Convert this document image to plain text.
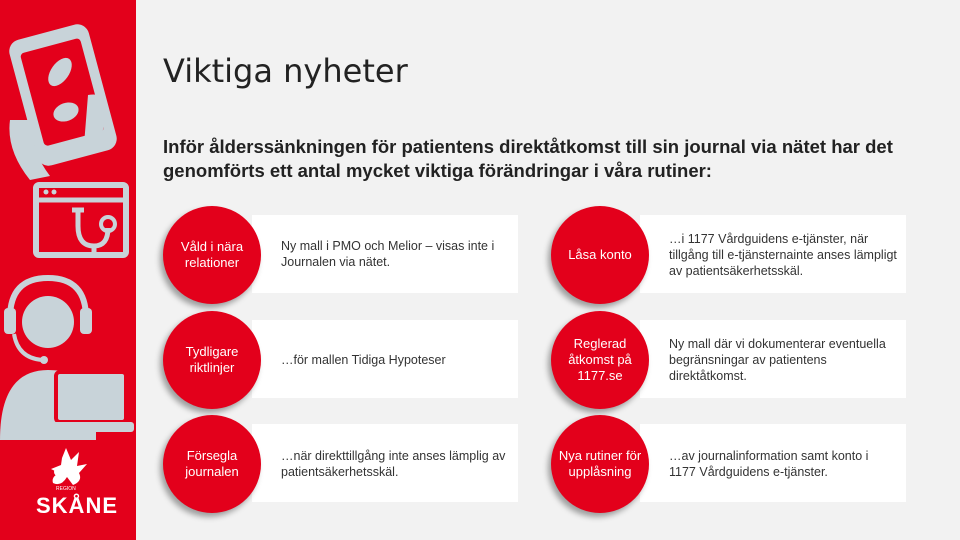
REGION
SKÅNE
Viktiga nyheter

Inför ålderssänkningen för patientens direktåtkomst till sin journal via nätet har det genomförts ett antal mycket viktiga förändringar i våra rutiner:

Våld i nära relationer
Ny mall i PMO och Melior – visas inte i Journalen via nätet.	Låsa konto
…i 1177 Vårdguidens e-tjänster, när tillgång till e-tjänsternainte anses lämpligt av patientsäkerhetsskäl.
Tydligare riktlinjer	…för mallen Tidiga Hypoteser
Reglerad åtkomst på 1177.se
Ny mall där vi dokumenterar eventuella begränsningar av patientens direktåtkomst.
Försegla journalen
…när direkttillgång inte anses lämplig av patientsäkerhetsskäl.
Nya rutiner för upplåsning
…av journalinformation samt konto i 1177 Vårdguidens e-tjänster.
